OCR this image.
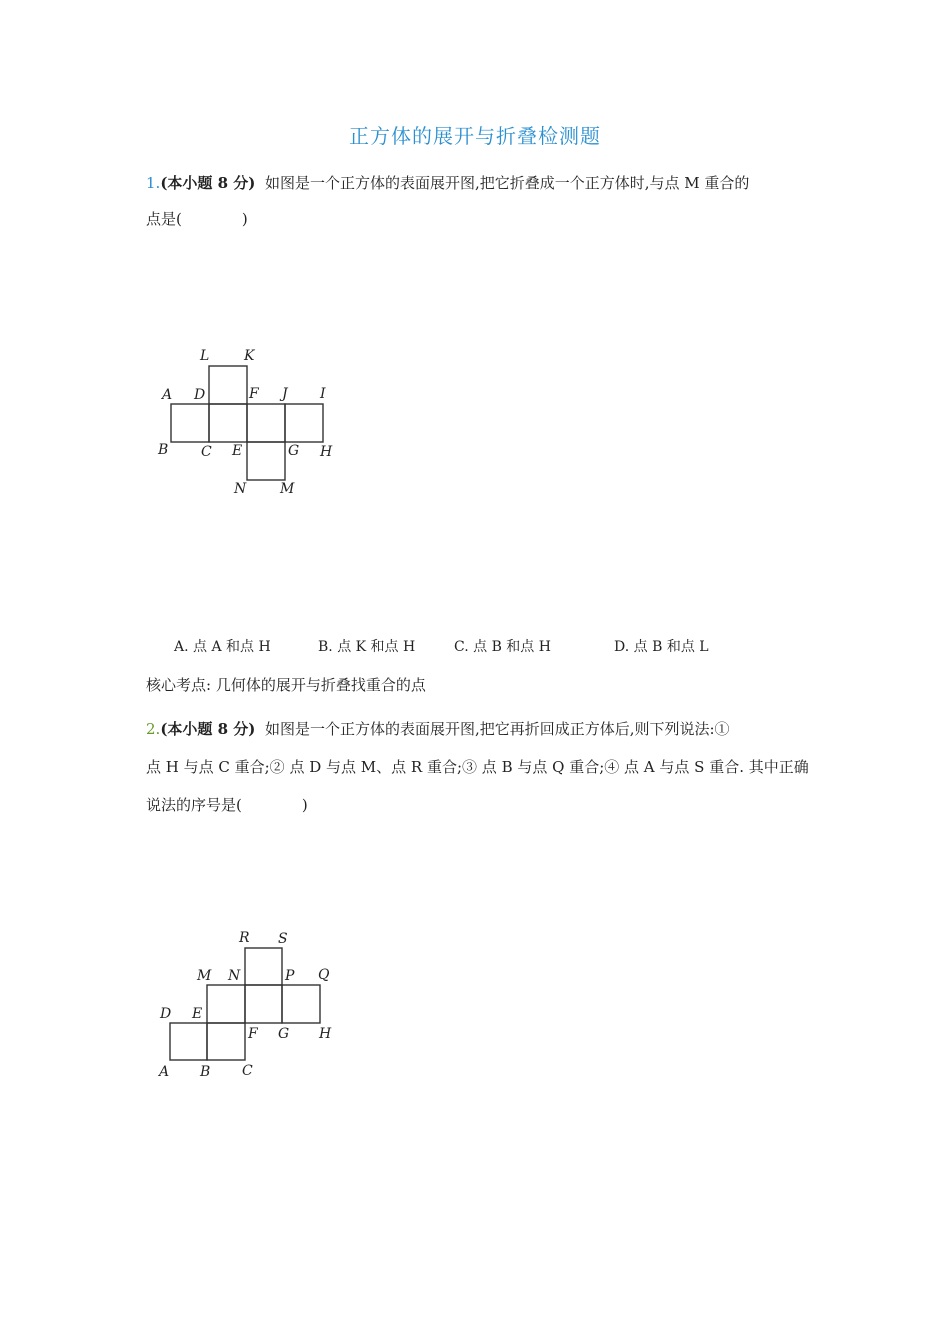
正方体的展开与折叠检测题
1.(本小题 8 分) 如图是一个正方体的表面展开图,把它折叠成一个正方体时,与点 M 重合的
点是(　　　　)
L K
A D	F J I
B C E	G H
N M
A. 点 A 和点 H	B. 点 K 和点 H	C. 点 B 和点 H	D. 点 B 和点 L
核心考点: 几何体的展开与折叠找重合的点
2.(本小题 8 分) 如图是一个正方体的表面展开图,把它再折回成正方体后,则下列说法:①
点 H 与点 C 重合;② 点 D 与点 M、点 R 重合;③ 点 B 与点 Q 重合;④ 点 A 与点 S 重合. 其中正确
说法的序号是(　　　　)
R S
M N	P Q
D E
F G H
A B C
